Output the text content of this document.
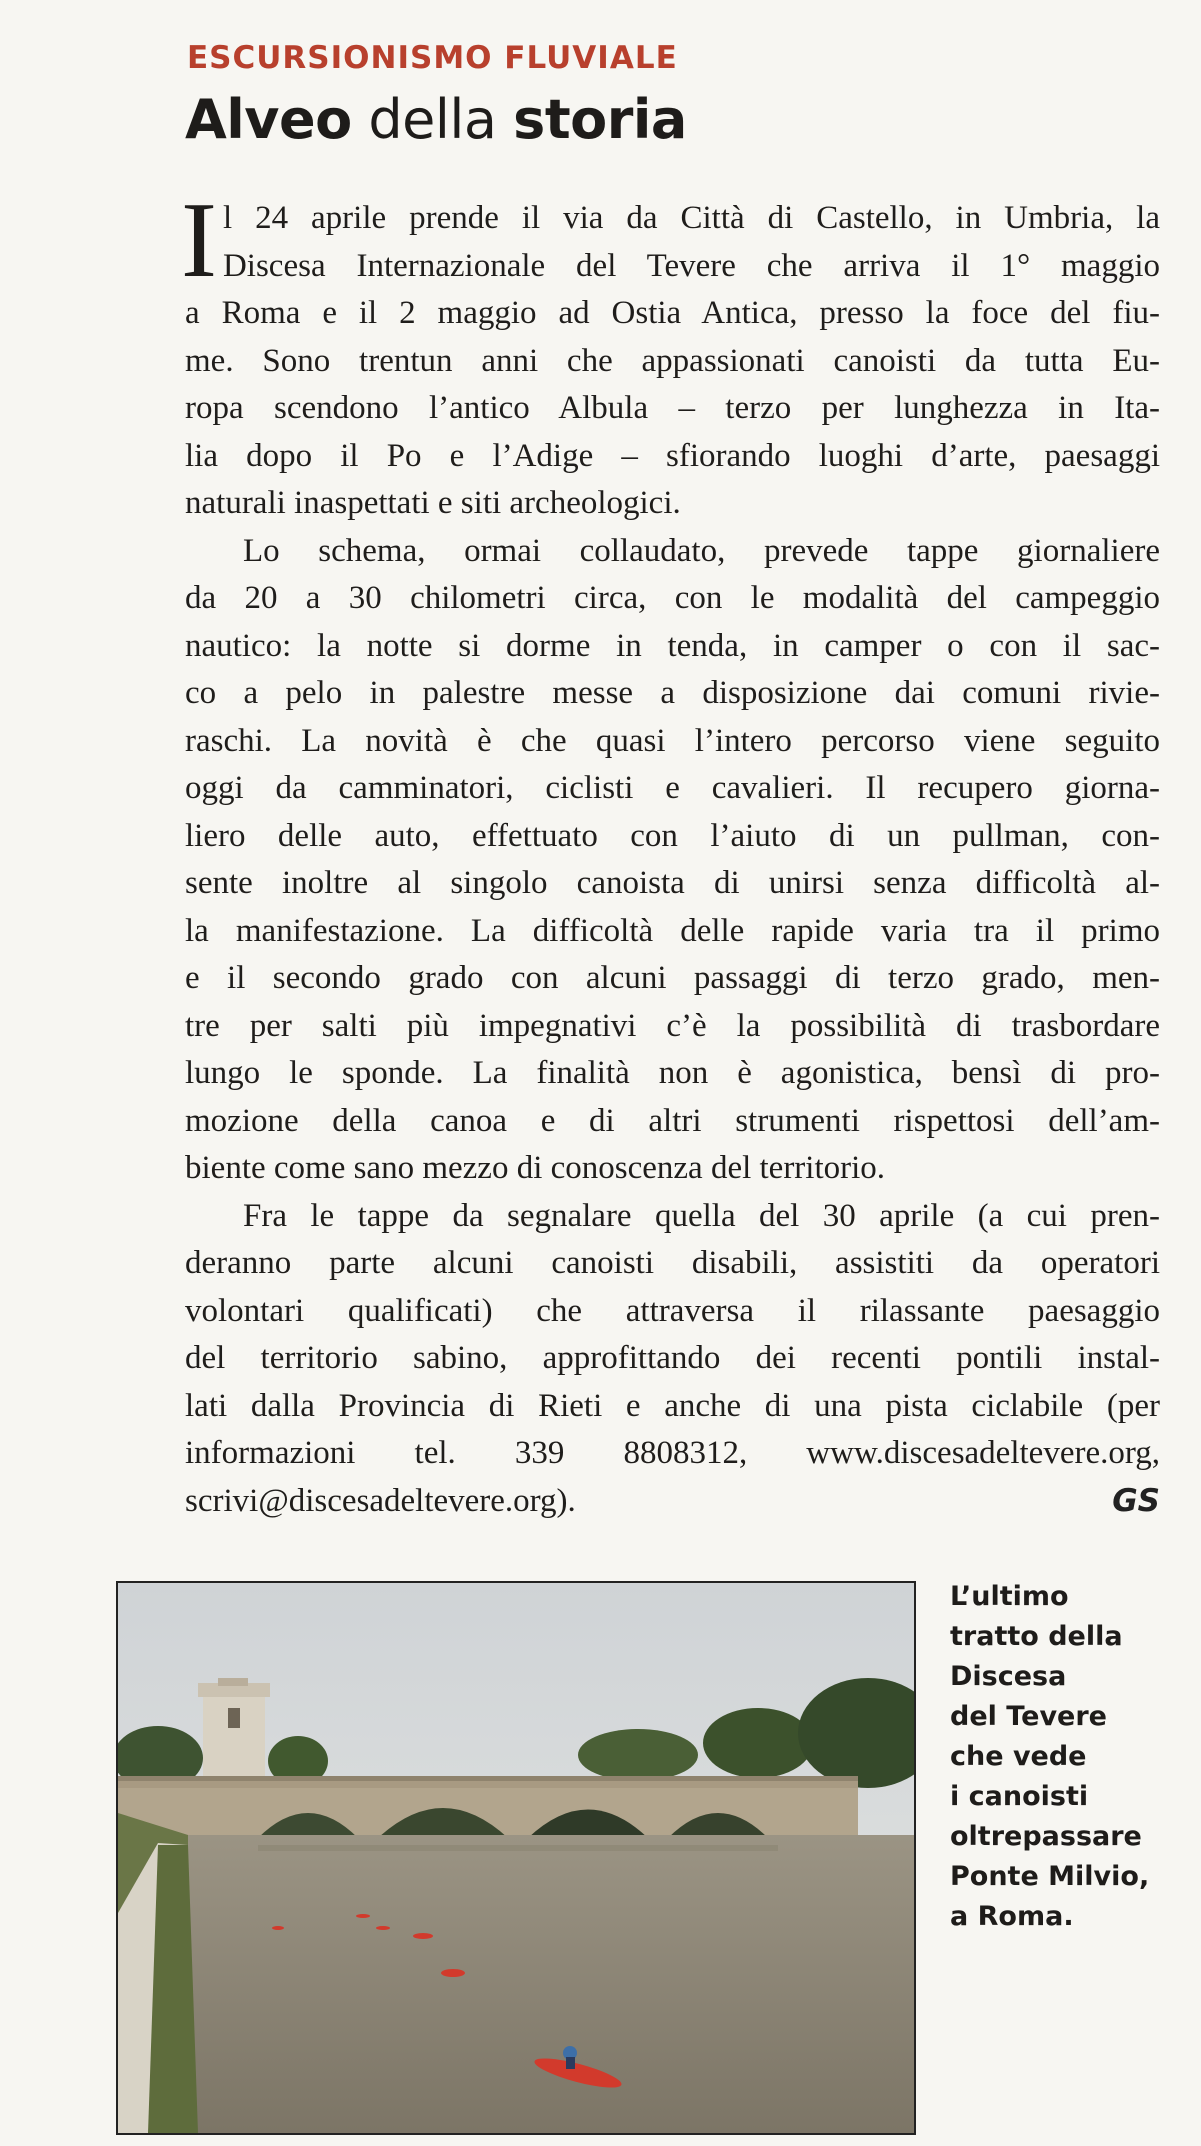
ESCURSIONISMO FLUVIALE
Alveo della storia

I l 24 aprile prende il via da Città di Castello, in Umbria, la
Discesa Internazionale del Tevere che arriva il 1° maggio
a Roma e il 2 maggio ad Ostia Antica, presso la foce del fiu-
me. Sono trentun anni che appassionati canoisti da tutta Eu-
ropa scendono l’antico Albula – terzo per lunghezza in Ita-
lia dopo il Po e l’Adige – sfiorando luoghi d’arte, paesaggi
naturali inaspettati e siti archeologici.

Lo schema, ormai collaudato, prevede tappe giornaliere
da 20 a 30 chilometri circa, con le modalità del campeggio
nautico: la notte si dorme in tenda, in camper o con il sac-
co a pelo in palestre messe a disposizione dai comuni rivie-
raschi. La novità è che quasi l’intero percorso viene seguito
oggi da camminatori, ciclisti e cavalieri. Il recupero giorna-
liero delle auto, effettuato con l’aiuto di un pullman, con-
sente inoltre al singolo canoista di unirsi senza difficoltà al-
la manifestazione. La difficoltà delle rapide varia tra il primo
e il secondo grado con alcuni passaggi di terzo grado, men-
tre per salti più impegnativi c’è la possibilità di trasbordare
lungo le sponde. La finalità non è agonistica, bensì di pro-
mozione della canoa e di altri strumenti rispettosi dell’am-
biente come sano mezzo di conoscenza del territorio.

Fra le tappe da segnalare quella del 30 aprile (a cui pren-
deranno parte alcuni canoisti disabili, assistiti da operatori
volontari qualificati) che attraversa il rilassante paesaggio
del territorio sabino, approfittando dei recenti pontili instal-
lati dalla Provincia di Rieti e anche di una pista ciclabile (per
informazioni tel. 339 8808312, www.discesadeltevere.org,
scrivi@discesadeltevere.org).	GS

L’ultimo
tratto della
Discesa
del Tevere
che vede
i canoisti
oltrepassare
Ponte Milvio,
a Roma.
